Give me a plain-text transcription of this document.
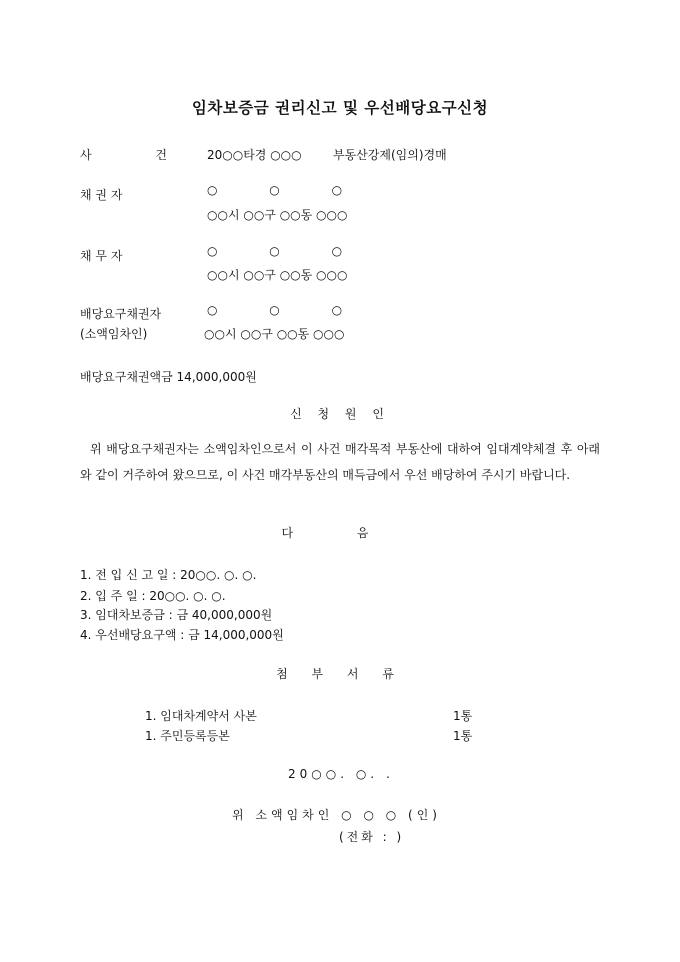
임차보증금 권리신고 및 우선배당요구신청
사 건 20○○타경 ○○○	부동산강제(임의)경매
채 권 자	○ ○ ○
○○시 ○○구 ○○동 ○○○
채 무 자	○ ○ ○
○○시 ○○구 ○○동 ○○○
배당요구채권자	○ ○ ○
(소액임차인)	○○시 ○○구 ○○동 ○○○
배당요구채권액금 14,000,000원
신 청 원 인
위 배당요구채권자는 소액임차인으로서 이 사건 매각목적 부동산에 대하여 임대계약체결 후 아래와 같이 거주하여 왔으므로, 이 사건 매각부동산의 매득금에서 우선 배당하여 주시기 바랍니다.
다 음
1. 전 입 신 고 일 : 20○○. ○. ○.
2. 입 주 일 : 20○○. ○. ○.
3. 임대차보증금 : 금 40,000,000원
4. 우선배당요구액 : 금 14,000,000원
첨 부 서 류
1. 임대차계약서 사본	1통
1. 주민등록등본	1통
20○○. ○. .
위 소액임차인 ○ ○ ○ (인)
(전화 : )
